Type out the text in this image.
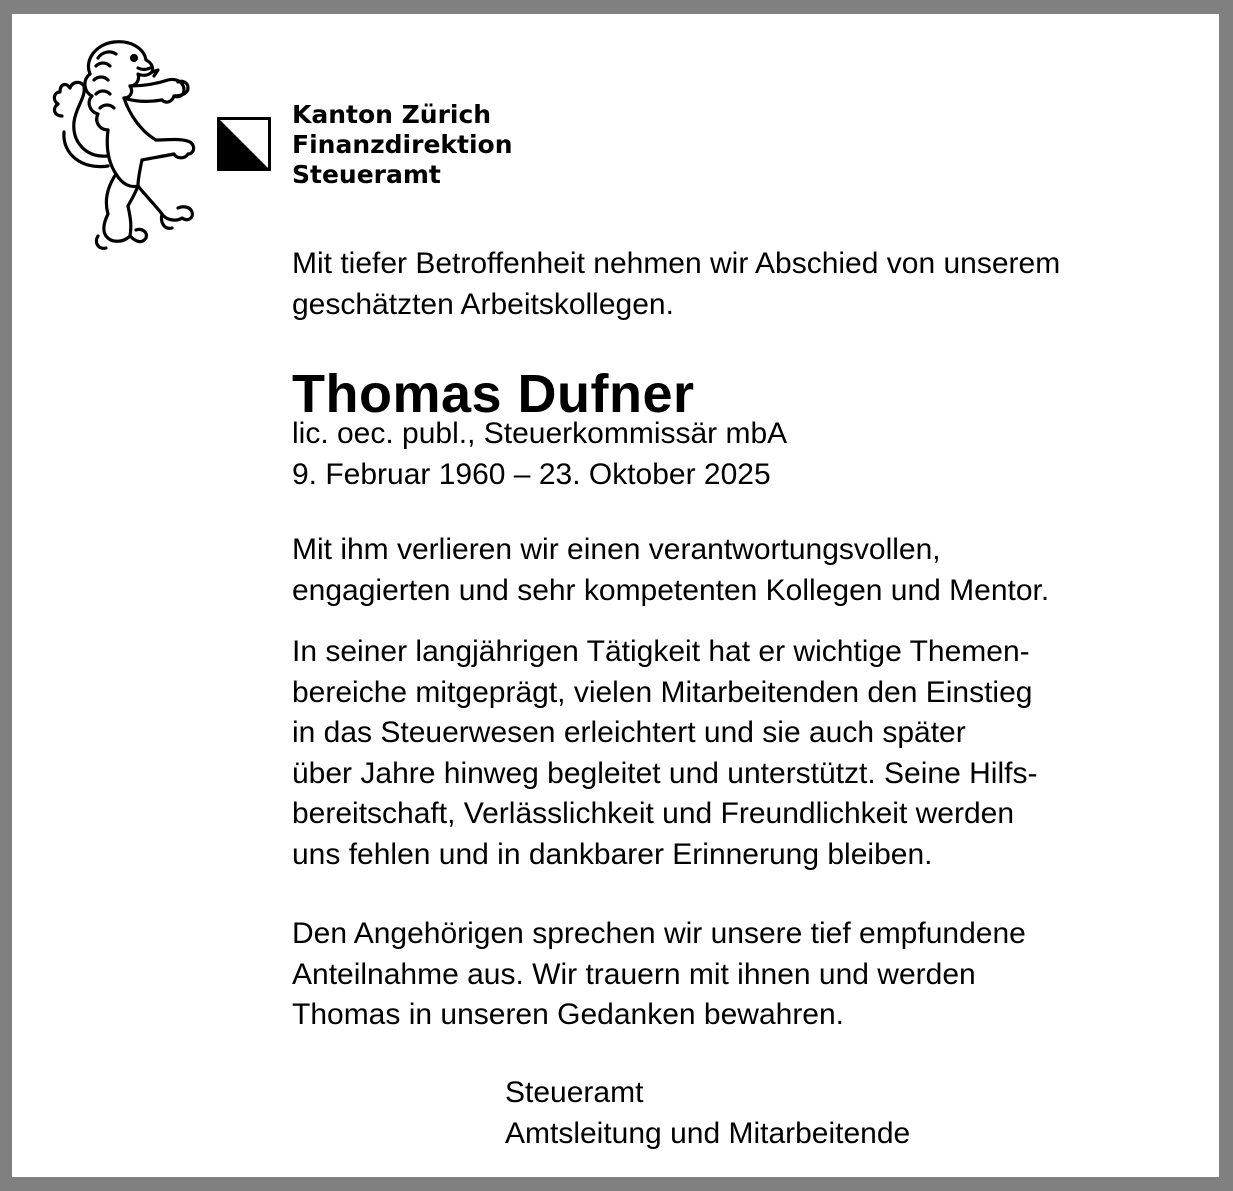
Kanton Zürich
Finanzdirektion
Steueramt

Mit tiefer Betroffenheit nehmen wir Abschied von unserem

geschätzten Arbeitskollegen.

Thomas Dufner
lic. oec. publ., Steuerkommissär mbA
9. Februar 1960 – 23. Oktober 2025
Mit ihm verlieren wir einen verantwortungsvollen,
engagierten und sehr kompetenten Kollegen und Mentor.
In seiner langjährigen Tätigkeit hat er wichtige Themen-
bereiche mitgeprägt, vielen Mitarbeitenden den Einstieg
in das Steuerwesen erleichtert und sie auch später
über Jahre hinweg begleitet und unterstützt. Seine Hilfs-
bereitschaft, Verlässlichkeit und Freundlichkeit werden
uns fehlen und in dankbarer Erinnerung bleiben.
Den Angehörigen sprechen wir unsere tief empfundene
Anteilnahme aus. Wir trauern mit ihnen und werden
Thomas in unseren Gedanken bewahren.
Steueramt
Amtsleitung und Mitarbeitende
